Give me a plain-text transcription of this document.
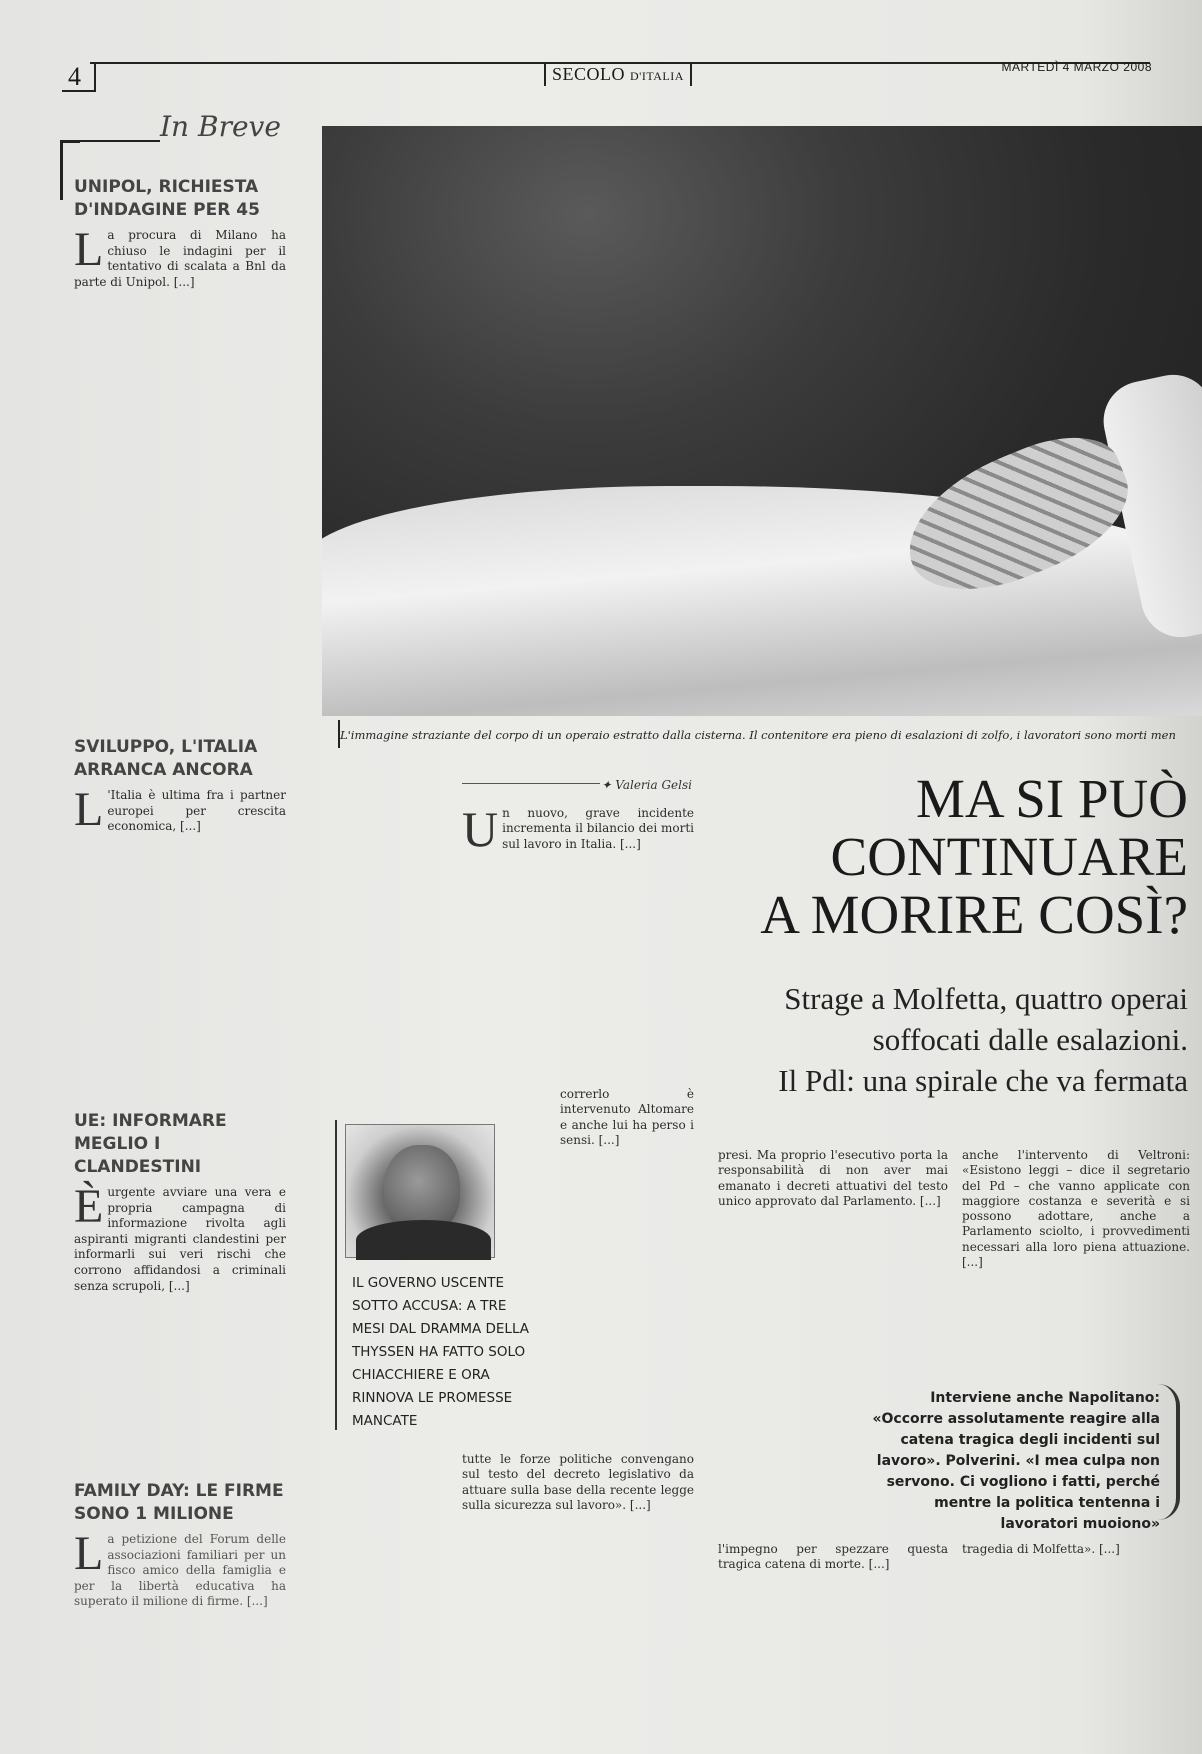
4	SECOLO D'ITALIA
MARTEDÌ 4 MARZO 2008
In Breve
UNIPOL, RICHIESTA D'INDAGINE PER 45

La procura di Milano ha chiuso le indagini per il tentativo di scalata a Bnl da parte di Unipol. [...]

SVILUPPO, L'ITALIA ARRANCA ANCORA

L 'Italia è ultima fra i partner europei per crescita economica, [...]

UE: INFORMARE MEGLIO I CLANDESTINI

Èurgente avviare una vera e propria campagna di informazione rivolta agli aspiranti migranti clandestini per informarli sui veri rischi che corrono affidandosi a criminali senza scrupoli, [...]

FAMILY DAY: LE FIRME SONO 1 MILIONE

La petizione del Forum delle associazioni familiari per un fisco amico della famiglia e per la libertà educativa ha superato il milione di firme. [...]

L'immagine straziante del corpo di un operaio estratto dalla cisterna. Il contenitore era pieno di esalazioni di zolfo, i lavoratori sono morti men
✦ Valeria Gelsi	MA SI PUÒ
CONTINUARE
A MORIRE COSÌ?
Strage a Molfetta, quattro operai
soffocati dalle esalazioni.
Il Pdl: una spirale che va fermata
Un nuovo, grave incidente incrementa il bilancio dei morti sul lavoro in Italia. [...]
correrlo è intervenuto Altomare e anche lui ha perso i sensi. [...]
tutte le forze politiche convengano sul testo del decreto legislativo da attuare sulla base della recente legge sulla sicurezza sul lavoro». [...]
presi. Ma proprio l'esecutivo porta la responsabilità di non aver mai emanato i decreti attuativi del testo unico approvato dal Parlamento. [...]
l'impegno per spezzare questa tragica catena di morte. [...]
anche l'intervento di Veltroni: «Esistono leggi – dice il segretario del Pd – che vanno applicate con maggiore costanza e severità e si possono adottare, anche a Parlamento sciolto, i provvedimenti necessari alla loro piena attuazione. [...]
tragedia di Molfetta». [...]
IL GOVERNO USCENTE SOTTO ACCUSA: A TRE MESI DAL DRAMMA DELLA THYSSEN HA FATTO SOLO CHIACCHIERE E ORA RINNOVA LE PROMESSE MANCATE
Interviene anche Napolitano: «Occorre assolutamente reagire alla catena tragica degli incidenti sul lavoro». Polverini. «I mea culpa non servono. Ci vogliono i fatti, perché mentre la politica tentenna i lavoratori muoiono»
